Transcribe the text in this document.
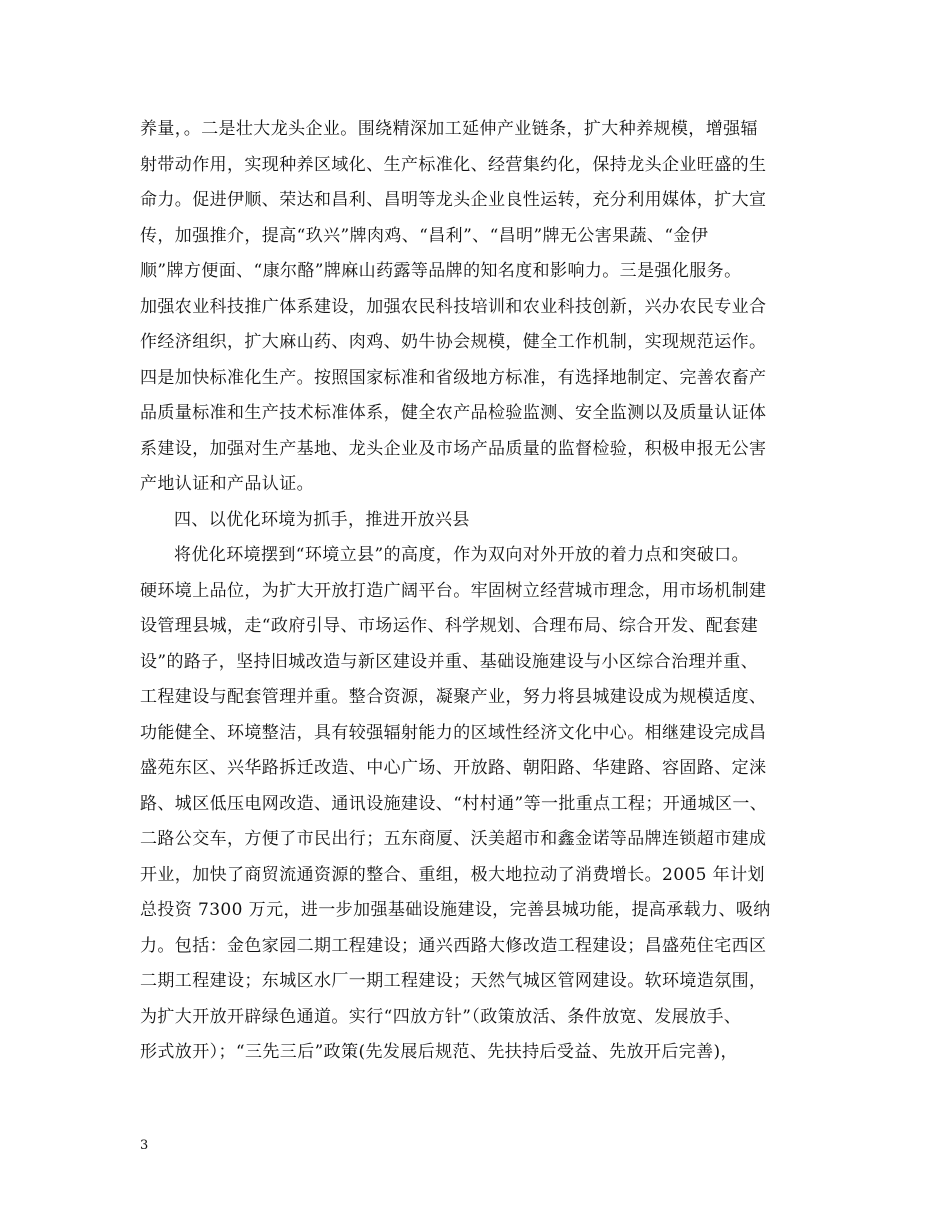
养量，。二是壮大龙头企业。围绕精深加工延伸产业链条，扩大种养规模，增强辐
射带动作用，实现种养区域化、生产标准化、经营集约化，保持龙头企业旺盛的生
命力。促进伊顺、荣达和昌利、昌明等龙头企业良性运转，充分利用媒体，扩大宣
传，加强推介，提高“玖兴”牌肉鸡、“昌利”、“昌明”牌无公害果蔬、“金伊
顺”牌方便面、“康尔酪”牌麻山药露等品牌的知名度和影响力。三是强化服务。
加强农业科技推广体系建设，加强农民科技培训和农业科技创新，兴办农民专业合
作经济组织，扩大麻山药、肉鸡、奶牛协会规模，健全工作机制，实现规范运作。
四是加快标准化生产。按照国家标准和省级地方标准，有选择地制定、完善农畜产
品质量标准和生产技术标准体系，健全农产品检验监测、安全监测以及质量认证体
系建设，加强对生产基地、龙头企业及市场产品质量的监督检验，积极申报无公害
产地认证和产品认证。
四、以优化环境为抓手，推进开放兴县
将优化环境摆到“环境立县”的高度，作为双向对外开放的着力点和突破口。
硬环境上品位，为扩大开放打造广阔平台。牢固树立经营城市理念，用市场机制建
设管理县城，走“政府引导、市场运作、科学规划、合理布局、综合开发、配套建
设”的路子，坚持旧城改造与新区建设并重、基础设施建设与小区综合治理并重、
工程建设与配套管理并重。整合资源，凝聚产业，努力将县城建设成为规模适度、
功能健全、环境整洁，具有较强辐射能力的区域性经济文化中心。相继建设完成昌
盛苑东区、兴华路拆迁改造、中心广场、开放路、朝阳路、华建路、容固路、定涞
路、城区低压电网改造、通讯设施建设、“村村通”等一批重点工程；开通城区一、
二路公交车，方便了市民出行；五东商厦、沃美超市和鑫金诺等品牌连锁超市建成
开业，加快了商贸流通资源的整合、重组，极大地拉动了消费增长。2005 年计划
总投资 7300 万元，进一步加强基础设施建设，完善县城功能，提高承载力、吸纳
力。包括：金色家园二期工程建设；通兴西路大修改造工程建设；昌盛苑住宅西区
二期工程建设；东城区水厂一期工程建设；天然气城区管网建设。软环境造氛围，
为扩大开放开辟绿色通道。实行“四放方针”（政策放活、条件放宽、发展放手、
形式放开）；“三先三后”政策(先发展后规范、先扶持后受益、先放开后完善)，
3
